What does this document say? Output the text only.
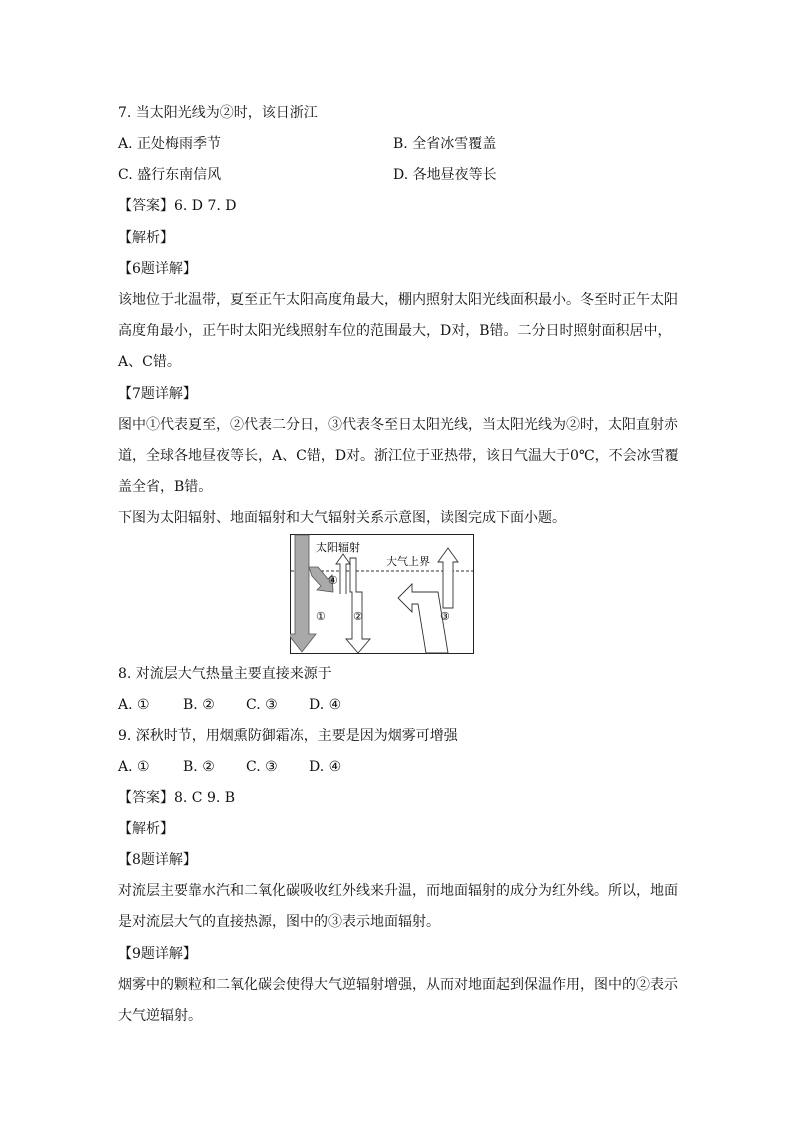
7. 当太阳光线为②时，该日浙江
A. 正处梅雨季节	B. 全省冰雪覆盖
C. 盛行东南信风	D. 各地昼夜等长
【答案】6. D 7. D
【解析】
【6题详解】
该地位于北温带，夏至正午太阳高度角最大，棚内照射太阳光线面积最小。冬至时正午太阳
高度角最小，正午时太阳光线照射车位的范围最大，D对，B错。二分日时照射面积居中，
A、C错。
【7题详解】
图中①代表夏至，②代表二分日，③代表冬至日太阳光线，当太阳光线为②时，太阳直射赤
道，全球各地昼夜等长，A、C错，D对。浙江位于亚热带，该日气温大于0℃，不会冰雪覆
盖全省，B错。
下图为太阳辐射、地面辐射和大气辐射关系示意图，读图完成下面小题。
太阳辐射
大气上界
④
① ②	③
8. 对流层大气热量主要直接来源于
A. ① B. ② C. ③ D. ④
9. 深秋时节，用烟熏防御霜冻，主要是因为烟雾可增强
A. ① B. ② C. ③ D. ④
【答案】8. C 9. B
【解析】
【8题详解】
对流层主要靠水汽和二氧化碳吸收红外线来升温，而地面辐射的成分为红外线。所以，地面
是对流层大气的直接热源，图中的③表示地面辐射。
【9题详解】
烟雾中的颗粒和二氧化碳会使得大气逆辐射增强，从而对地面起到保温作用，图中的②表示
大气逆辐射。
